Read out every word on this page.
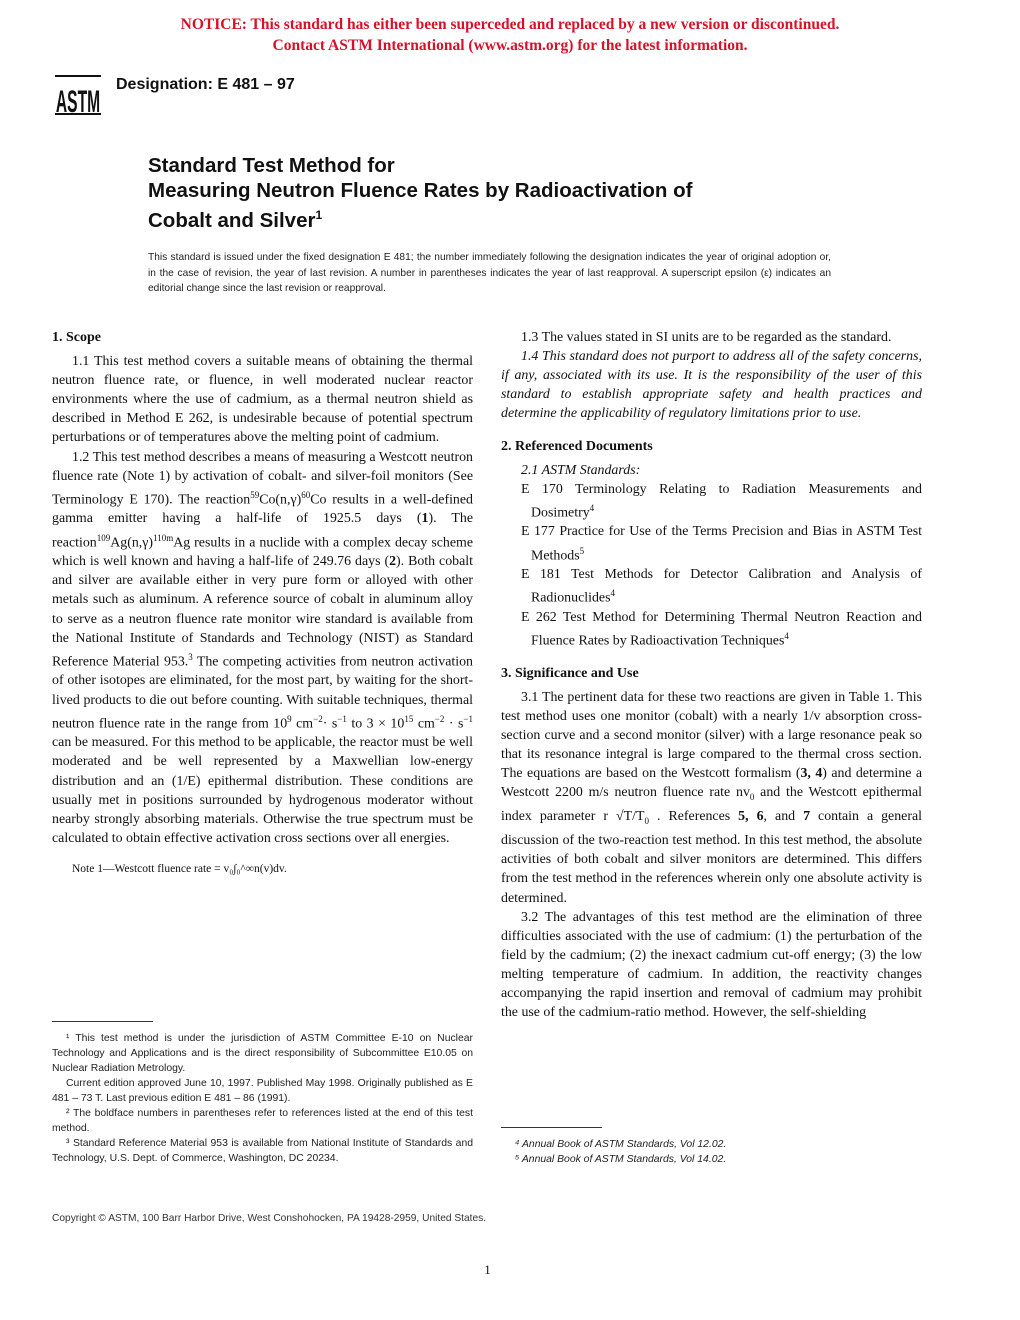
NOTICE: This standard has either been superceded and replaced by a new version or discontinued.
Contact ASTM International (www.astm.org) for the latest information.
ASTM
Designation: E 481 – 97
Standard Test Method for
Measuring Neutron Fluence Rates by Radioactivation of
Cobalt and Silver$^1$
This standard is issued under the fixed designation E 481; the number immediately following the designation indicates the year of original adoption or, in the case of revision, the year of last revision. A number in parentheses indicates the year of last reapproval. A superscript epsilon (ε) indicates an editorial change since the last revision or reapproval.
1. Scope

1.1 This test method covers a suitable means of obtaining the thermal neutron fluence rate, or fluence, in well moderated nuclear reactor environments where the use of cadmium, as a thermal neutron shield as described in Method E 262, is undesirable because of potential spectrum perturbations or of temperatures above the melting point of cadmium.

1.2 This test method describes a means of measuring a Westcott neutron fluence rate (Note 1) by activation of cobalt- and silver-foil monitors (See Terminology E 170). The $reaction^{59}Co(n,\gamma)^{60}Co$ results in a well-defined gamma emitter having a half-life of 1925.5 days (1). The $reaction^{109}Ag(n,\gamma)^{110m}Ag$ results in a nuclide with a complex decay scheme which is well known and having a half-life of 249.76 days (2). Both cobalt and silver are available either in very pure form or alloyed with other metals such as aluminum. A reference source of cobalt in aluminum alloy to serve as a neutron fluence rate monitor wire standard is available from the National Institute of Standards and Technology (NIST) as Standard Reference Material 953.$^3$ The competing activities from neutron activation of other isotopes are eliminated, for the most part, by waiting for the short-lived products to die out before counting. With suitable techniques, thermal neutron fluence rate in the range from $10^9$ $cm^{-2}\cdot s^{-1}$ to $3 \times 10^{15}$ $cm^{-2} \cdot s^{-1}$ can be measured. For this method to be applicable, the reactor must be well moderated and be well represented by a Maxwellian low-energy distribution and an (1/E) epithermal distribution. These conditions are usually met in positions surrounded by hydrogenous moderator without nearby strongly absorbing materials. Otherwise the true spectrum must be calculated to obtain effective activation cross sections over all energies.

Note 1—Westcott fluence rate = v₀∫₀^∞n(v)dv.

¹ This test method is under the jurisdiction of ASTM Committee E-10 on Nuclear Technology and Applications and is the direct responsibility of Subcommittee E10.05 on Nuclear Radiation Metrology.

Current edition approved June 10, 1997. Published May 1998. Originally published as E 481 – 73 T. Last previous edition E 481 – 86 (1991).

² The boldface numbers in parentheses refer to references listed at the end of this test method.

³ Standard Reference Material 953 is available from National Institute of Standards and Technology, U.S. Dept. of Commerce, Washington, DC 20234.

1.3 The values stated in SI units are to be regarded as the standard.

1.4 This standard does not purport to address all of the safety concerns, if any, associated with its use. It is the responsibility of the user of this standard to establish appropriate safety and health practices and determine the applicability of regulatory limitations prior to use.

2. Referenced Documents

2.1 ASTM Standards:

E 170 Terminology Relating to Radiation Measurements and Dosimetry$^4$

E 177 Practice for Use of the Terms Precision and Bias in ASTM Test Methods$^5$

E 181 Test Methods for Detector Calibration and Analysis of Radionuclides$^4$

E 262 Test Method for Determining Thermal Neutron Reaction and Fluence Rates by Radioactivation Techniques$^4$

3. Significance and Use

3.1 The pertinent data for these two reactions are given in Table 1. This test method uses one monitor (cobalt) with a nearly 1/v absorption cross-section curve and a second monitor (silver) with a large resonance peak so that its resonance integral is large compared to the thermal cross section. The equations are based on the Westcott formalism (3, 4) and determine a Westcott 2200 m/s neutron fluence rate $nv_0$ and the Westcott epithermal index parameter r $√T/T_0$ . References 5, 6, and 7 contain a general discussion of the two-reaction test method. In this test method, the absolute activities of both cobalt and silver monitors are determined. This differs from the test method in the references wherein only one absolute activity is determined.

3.2 The advantages of this test method are the elimination of three difficulties associated with the use of cadmium: (1) the perturbation of the field by the cadmium; (2) the inexact cadmium cut-off energy; (3) the low melting temperature of cadmium. In addition, the reactivity changes accompanying the rapid insertion and removal of cadmium may prohibit the use of the cadmium-ratio method. However, the self-shielding

⁴ Annual Book of ASTM Standards, Vol 12.02.

⁵ Annual Book of ASTM Standards, Vol 14.02.

Copyright © ASTM, 100 Barr Harbor Drive, West Conshohocken, PA 19428-2959, United States.
1
